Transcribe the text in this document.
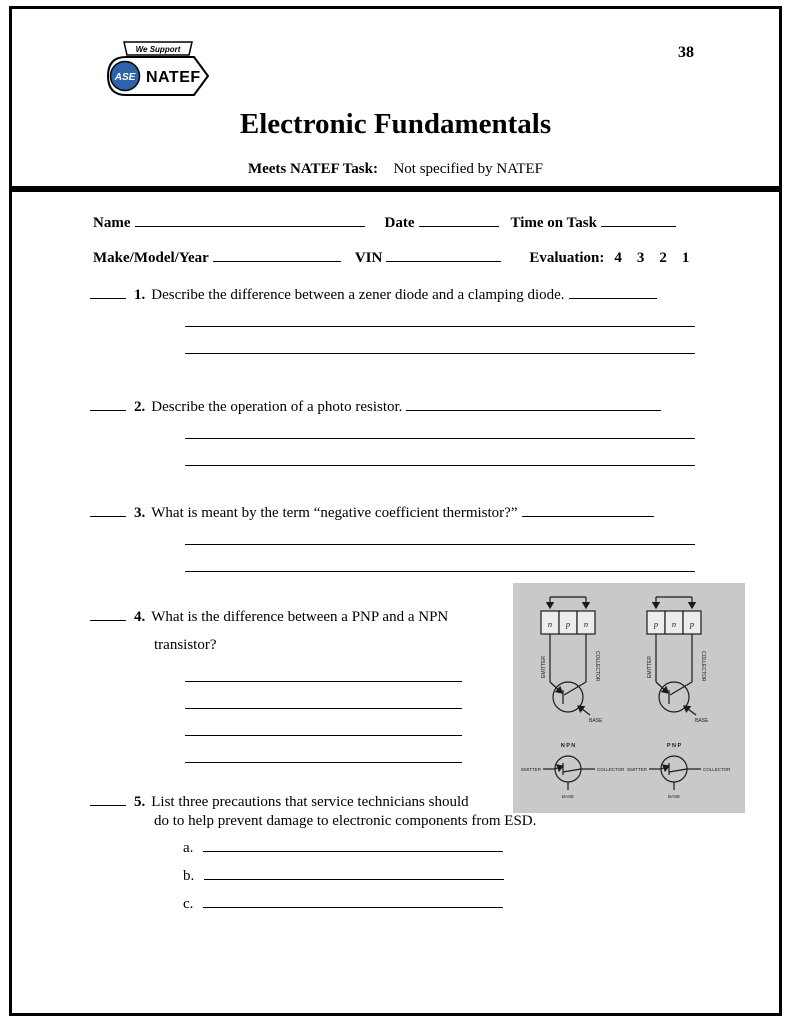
We Support
ASE NATEF
38
Electronic Fundamentals
Meets NATEF Task: Not specified by NATEF
Name	Date	Time on Task
Make/Model/Year	VIN	Evaluation: 4    3    2    1
1. Describe the difference between a zener diode and a clamping diode.
2. Describe the operation of a photo resistor.
3. What is meant by the term “negative coefficient thermistor?”
4. What is the difference between a PNP and a NPN
transistor?
n p n
EMITTER	COLLECTOR
BASE
p n p
EMITTER	COLLECTOR
BASE
N P N
EMITTER	COLLECTOR
BASE
P N P
EMITTER	COLLECTOR
BASE
5. List three precautions that service technicians should
do to help prevent damage to electronic components from ESD.
a.
b.
c.
